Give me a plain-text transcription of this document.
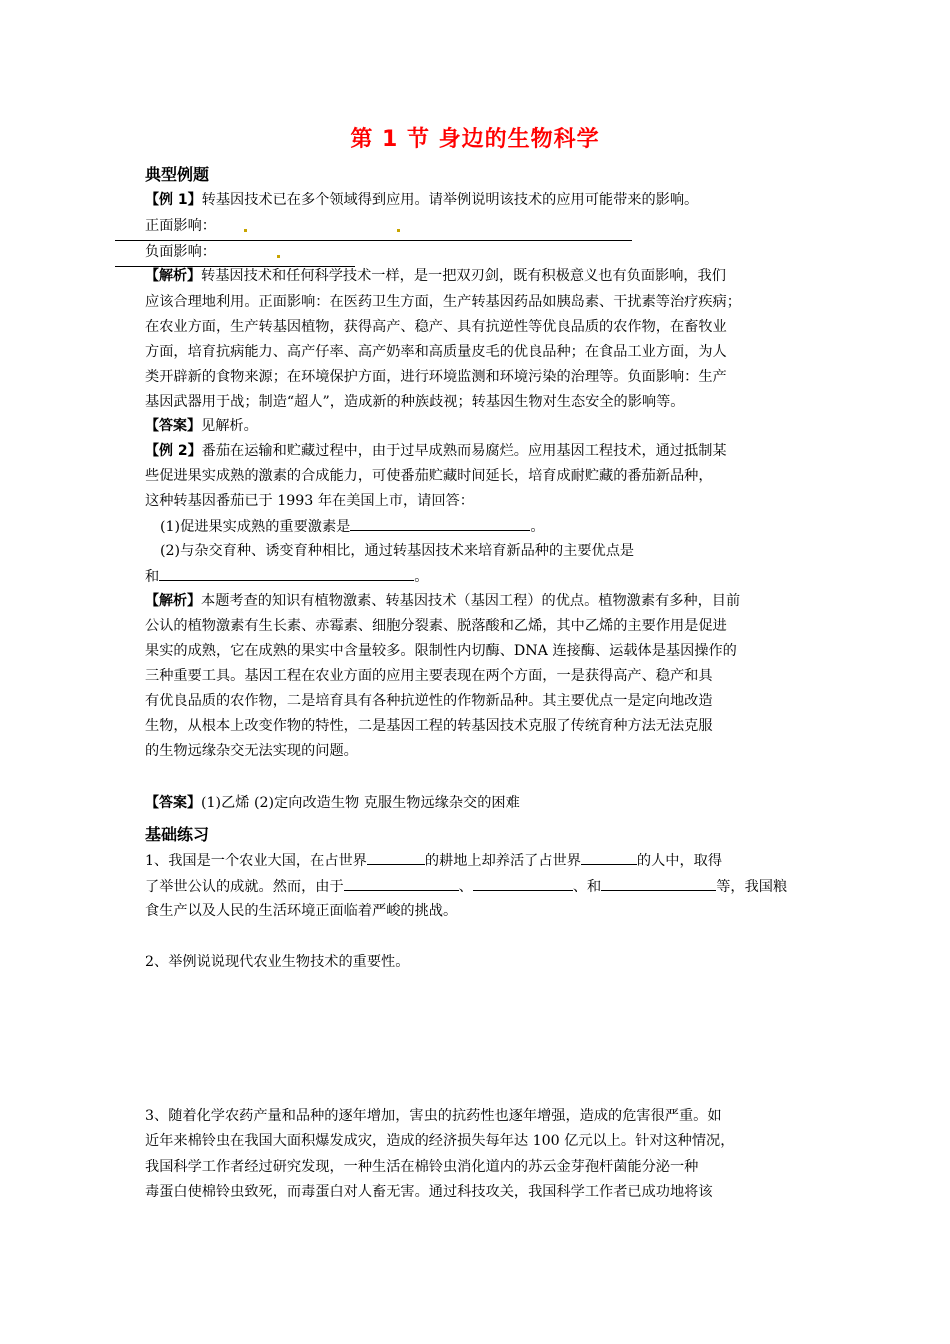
第 1 节 身边的生物科学
典型例题
【例 1】转基因技术已在多个领域得到应用。请举例说明该技术的应用可能带来的影响。
正面影响：
负面影响：
【解析】转基因技术和任何科学技术一样，是一把双刃剑，既有积极意义也有负面影响，我们
应该合理地利用。正面影响：在医药卫生方面，生产转基因药品如胰岛素、干扰素等治疗疾病；
在农业方面，生产转基因植物，获得高产、稳产、具有抗逆性等优良品质的农作物，在畜牧业
方面，培育抗病能力、高产仔率、高产奶率和高质量皮毛的优良品种；在食品工业方面，为人
类开辟新的食物来源；在环境保护方面，进行环境监测和环境污染的治理等。负面影响：生产
基因武器用于战；制造“超人”，造成新的种族歧视；转基因生物对生态安全的影响等。
【答案】见解析。
【例 2】番茄在运输和贮藏过程中，由于过早成熟而易腐烂。应用基因工程技术，通过抵制某
些促进果实成熟的激素的合成能力，可使番茄贮藏时间延长，培育成耐贮藏的番茄新品种，
这种转基因番茄已于 1993 年在美国上市，请回答：
(1)促进果实成熟的重要激素是	。
(2)与杂交育种、诱变育种相比，通过转基因技术来培育新品种的主要优点是
和	。
【解析】本题考查的知识有植物激素、转基因技术（基因工程）的优点。植物激素有多种，目前
公认的植物激素有生长素、赤霉素、细胞分裂素、脱落酸和乙烯，其中乙烯的主要作用是促进
果实的成熟，它在成熟的果实中含量较多。限制性内切酶、DNA 连接酶、运载体是基因操作的
三种重要工具。基因工程在农业方面的应用主要表现在两个方面，一是获得高产、稳产和具
有优良品质的农作物，二是培育具有各种抗逆性的作物新品种。其主要优点一是定向地改造
生物，从根本上改变作物的特性，二是基因工程的转基因技术克服了传统育种方法无法克服
的生物远缘杂交无法实现的问题。
【答案】(1)乙烯 (2)定向改造生物 克服生物远缘杂交的困难
基础练习
1、我国是一个农业大国，在占世界	的耕地上却养活了占世界	的人中，取得
了举世公认的成就。然而，由于	、	、和	等，我国粮
食生产以及人民的生活环境正面临着严峻的挑战。
2、举例说说现代农业生物技术的重要性。
3、随着化学农药产量和品种的逐年增加，害虫的抗药性也逐年增强，造成的危害很严重。如
近年来棉铃虫在我国大面积爆发成灾，造成的经济损失每年达 100 亿元以上。针对这种情况，
我国科学工作者经过研究发现，一种生活在棉铃虫消化道内的苏云金芽孢杆菌能分泌一种
毒蛋白使棉铃虫致死，而毒蛋白对人畜无害。通过科技攻关，我国科学工作者已成功地将该
